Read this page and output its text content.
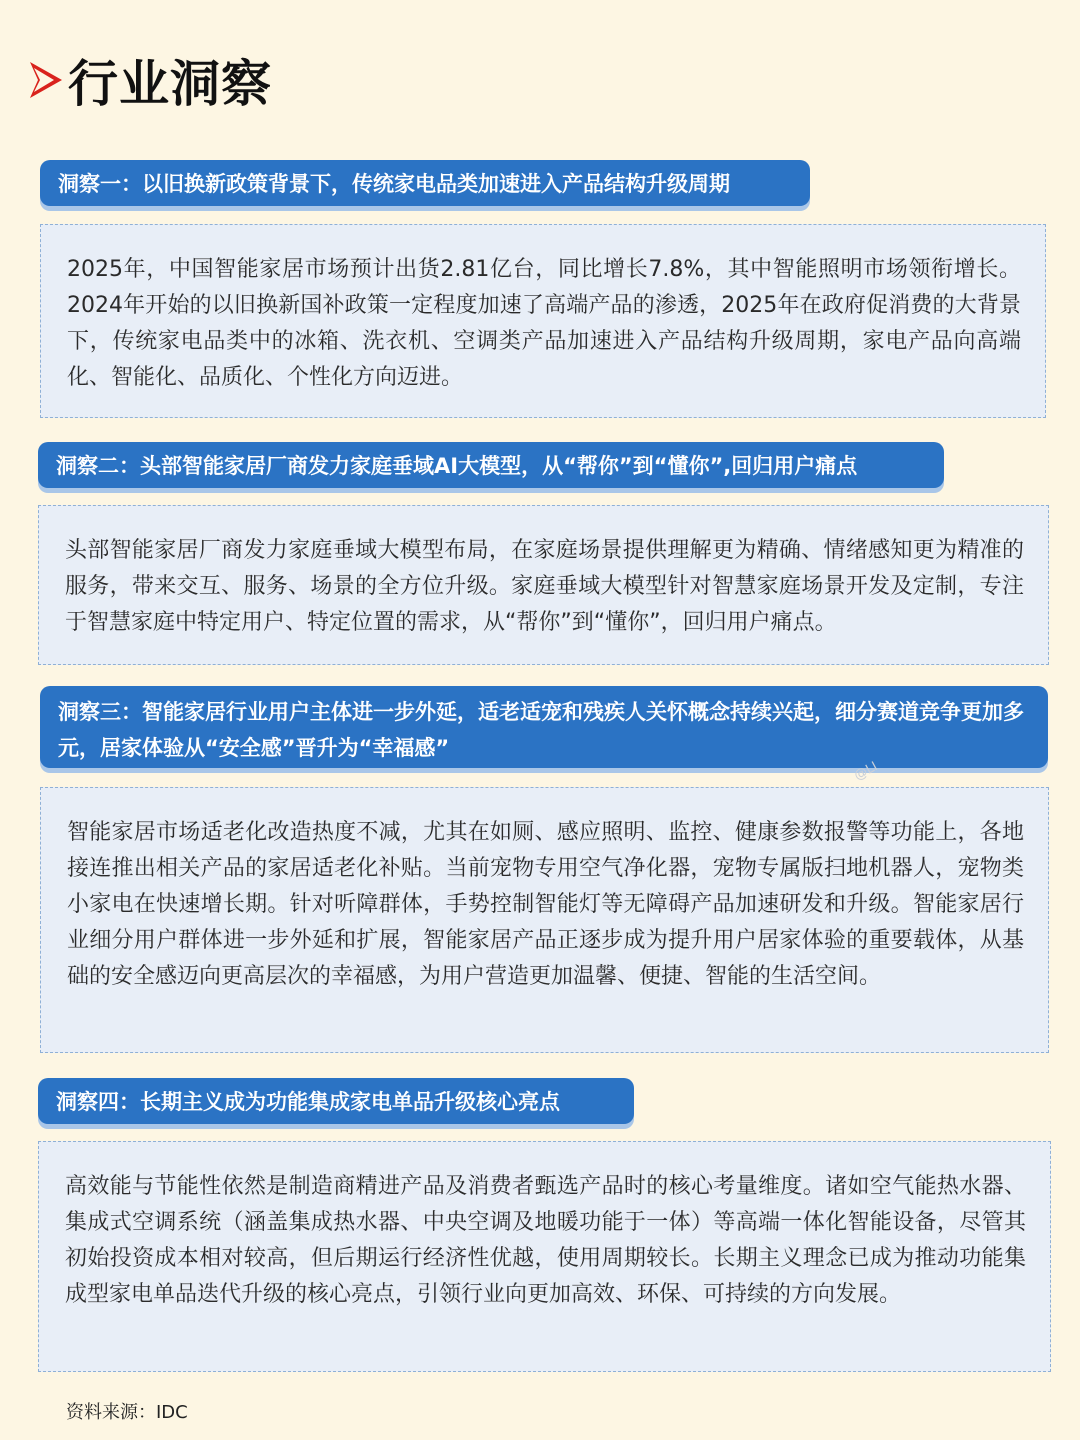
行业洞察
洞察一：以旧换新政策背景下，传统家电品类加速进入产品结构升级周期
2025年，中国智能家居市场预计出货2.81亿台，同比增长7.8%，其中智能照明市场领衔增长。2024年开始的以旧换新国补政策一定程度加速了高端产品的渗透，2025年在政府促消费的大背景下，传统家电品类中的冰箱、洗衣机、空调类产品加速进入产品结构升级周期，家电产品向高端化、智能化、品质化、个性化方向迈进。
洞察二：头部智能家居厂商发力家庭垂域AI大模型，从“帮你”到“懂你”,回归用户痛点
头部智能家居厂商发力家庭垂域大模型布局，在家庭场景提供理解更为精确、情绪感知更为精准的服务，带来交互、服务、场景的全方位升级。家庭垂域大模型针对智慧家庭场景开发及定制，专注于智慧家庭中特定用户、特定位置的需求，从“帮你”到“懂你”，回归用户痛点。
洞察三：智能家居行业用户主体进一步外延，适老适宠和残疾人关怀概念持续兴起，细分赛道竞争更加多元，居家体验从“安全感”晋升为“幸福感”
@LI
智能家居市场适老化改造热度不减，尤其在如厕、感应照明、监控、健康参数报警等功能上，各地接连推出相关产品的家居适老化补贴。当前宠物专用空气净化器，宠物专属版扫地机器人，宠物类小家电在快速增长期。针对听障群体，手势控制智能灯等无障碍产品加速研发和升级。智能家居行业细分用户群体进一步外延和扩展，智能家居产品正逐步成为提升用户居家体验的重要载体，从基础的安全感迈向更高层次的幸福感，为用户营造更加温馨、便捷、智能的生活空间。
洞察四：长期主义成为功能集成家电单品升级核心亮点
高效能与节能性依然是制造商精进产品及消费者甄选产品时的核心考量维度。诸如空气能热水器、集成式空调系统（涵盖集成热水器、中央空调及地暖功能于一体）等高端一体化智能设备，尽管其初始投资成本相对较高，但后期运行经济性优越，使用周期较长。长期主义理念已成为推动功能集成型家电单品迭代升级的核心亮点，引领行业向更加高效、环保、可持续的方向发展。
资料来源：IDC
